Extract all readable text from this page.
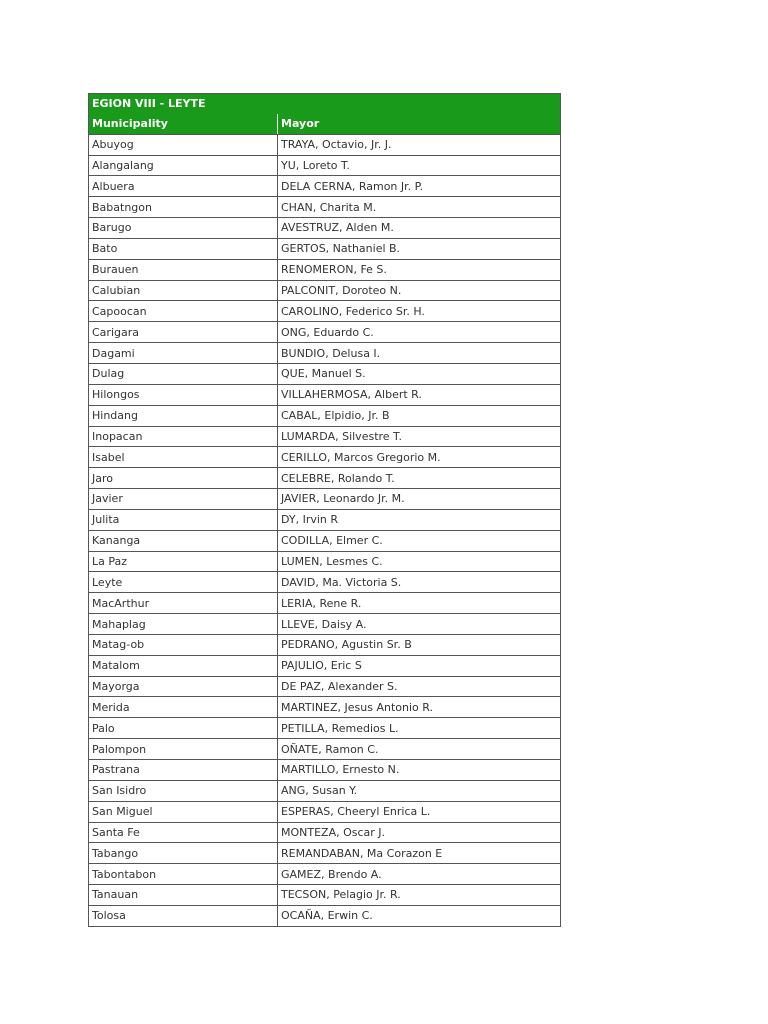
EGION VIII - LEYTE	
Municipality	Mayor
Abuyog	TRAYA, Octavio, Jr. J.
Alangalang	YU, Loreto T.
Albuera	DELA CERNA, Ramon Jr. P.
Babatngon	CHAN, Charita M.
Barugo	AVESTRUZ, Alden M.
Bato	GERTOS, Nathaniel B.
Burauen	RENOMERON, Fe S.
Calubian	PALCONIT, Doroteo N.
Capoocan	CAROLINO, Federico Sr. H.
Carigara	ONG, Eduardo C.
Dagami	BUNDIO, Delusa I.
Dulag	QUE, Manuel S.
Hilongos	VILLAHERMOSA, Albert R.
Hindang	CABAL, Elpidio, Jr. B
Inopacan	LUMARDA, Silvestre T.
Isabel	CERILLO, Marcos Gregorio M.
Jaro	CELEBRE, Rolando T.
Javier	JAVIER, Leonardo Jr. M.
Julita	DY, Irvin R
Kananga	CODILLA, Elmer C.
La Paz	LUMEN, Lesmes C.
Leyte	DAVID, Ma. Victoria S.
MacArthur	LERIA, Rene R.
Mahaplag	LLEVE, Daisy A.
Matag-ob	PEDRANO, Agustin Sr. B
Matalom	PAJULIO, Eric S
Mayorga	DE PAZ, Alexander S.
Merida	MARTINEZ, Jesus Antonio R.
Palo	PETILLA, Remedios L.
Palompon	OÑATE, Ramon C.
Pastrana	MARTILLO, Ernesto N.
San Isidro	ANG, Susan Y.
San Miguel	ESPERAS, Cheeryl Enrica L.
Santa Fe	MONTEZA, Oscar J.
Tabango	REMANDABAN, Ma Corazon E
Tabontabon	GAMEZ, Brendo A.
Tanauan	TECSON, Pelagio Jr. R.
Tolosa	OCAÑA, Erwin C.
